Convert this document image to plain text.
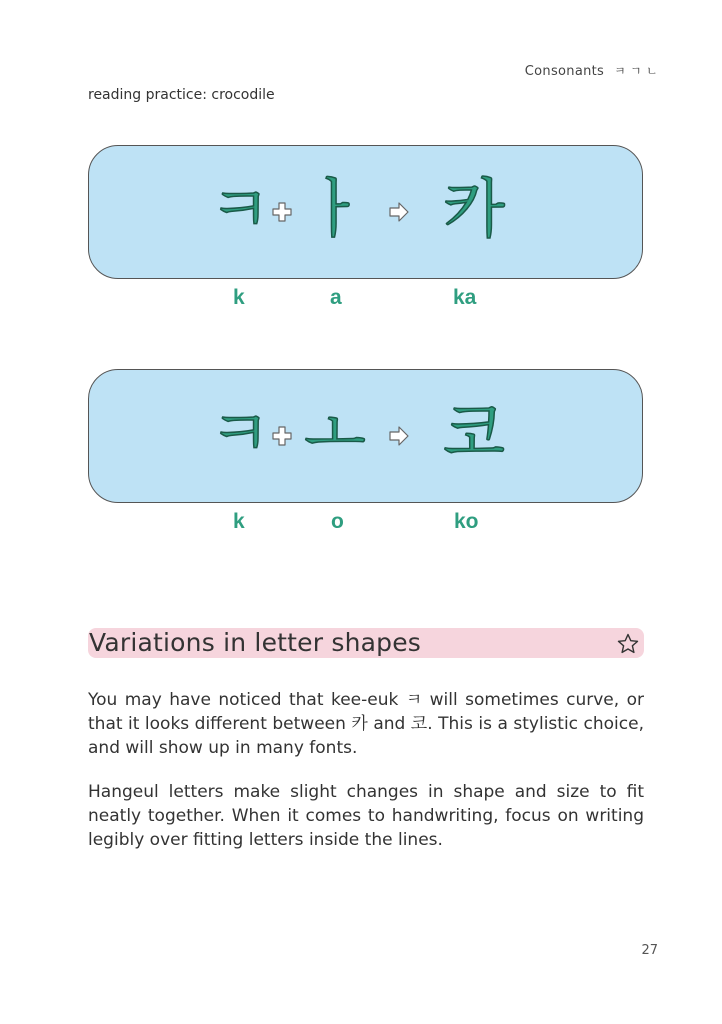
Consonants ㅋ ㄱ ㄴ
reading practice: crocodile
ㅋ ㅏ 카
k	a	ka
ㅋ ㅗ 코
k	o	ko
Variations in letter shapes

You may have noticed that kee-euk ㅋ will sometimes curve, or that it looks different between 카 and 코. This is a stylistic choice, and will show up in many fonts.

Hangeul letters make slight changes in shape and size to fit neatly together. When it comes to handwriting, focus on writing legibly over fitting letters inside the lines.

27
